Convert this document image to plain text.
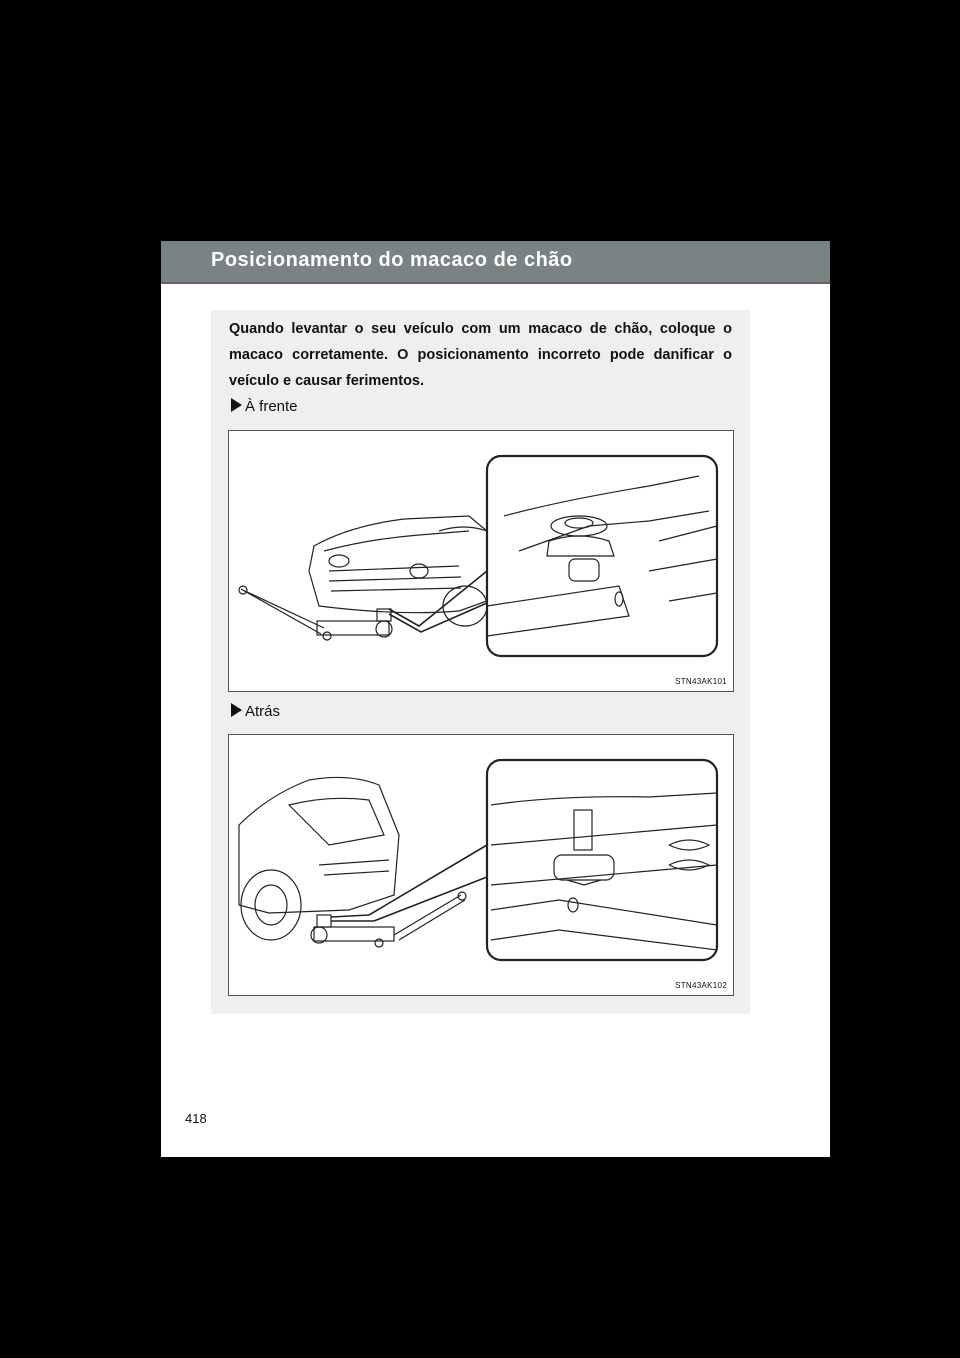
Posicionamento do macaco de chão
Quando levantar o seu veículo com um macaco de chão, coloque o macaco corretamente. O posicionamento incorreto pode danificar o veículo e causar ferimentos.
À frente
STN43AK101
Atrás
STN43AK102
418
